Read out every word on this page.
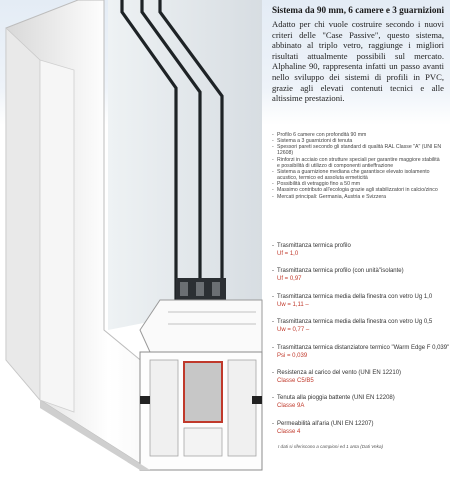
Sistema da 90 mm, 6 camere e 3 guarnizioni
Adatto per chi vuole costruire secondo i nuovi criteri delle "Case Passive", questo sistema, abbinato al triplo vetro, raggiunge i migliori risultati attualmente possibili sul mercato. Alphaline 90, rappresenta infatti un passo avanti nello sviluppo dei sistemi di profili in PVC, grazie agli elevati contenuti tecnici e alle altissime prestazioni.
- Profilo 6 camere con profondità 90 mm
- Sistema a 3 guarnizioni di tenuta
- Spessori pareti secondo gli standard di qualità RAL Classe "A" (UNI EN 12608)
- Rinforzi in acciaio con strutture speciali per garantire maggiore stabilità e possibilità di utilizzo di componenti antieffrazione
- Sistema a guarnizione mediana che garantisce elevato isolamento acustico, termico ed assoluta ermeticità
- Possibilità di vetraggio fino a 50 mm
- Massimo contributo all'ecologia grazie agli stabilizzatori in calcio/zinco
- Mercati principali: Germania, Austria e Svizzera
- Trasmittanza termica profilo
Uf = 1,0
- Trasmittanza termica profilo (con unità"isolante)
Uf = 0,97
- Trasmittanza termica media della finestra con vetro Ug 1,0
Uw = 1,11 –
- Trasmittanza termica media della finestra con vetro Ug 0,5
Uw = 0,77 –
- Trasmittanza termica distanziatore termico "Warm Edge F 0,039"
Psi = 0,039
- Resistenza al carico del vento (UNI EN 12210)
Classe C5/B5
- Tenuta alla pioggia battente (UNI EN 12208)
Classe 9A
- Permeabilità all'aria (UNI EN 12207)
Classe 4
I dati si riferiscono a campioni ed 1 anta (Dati Veka)
